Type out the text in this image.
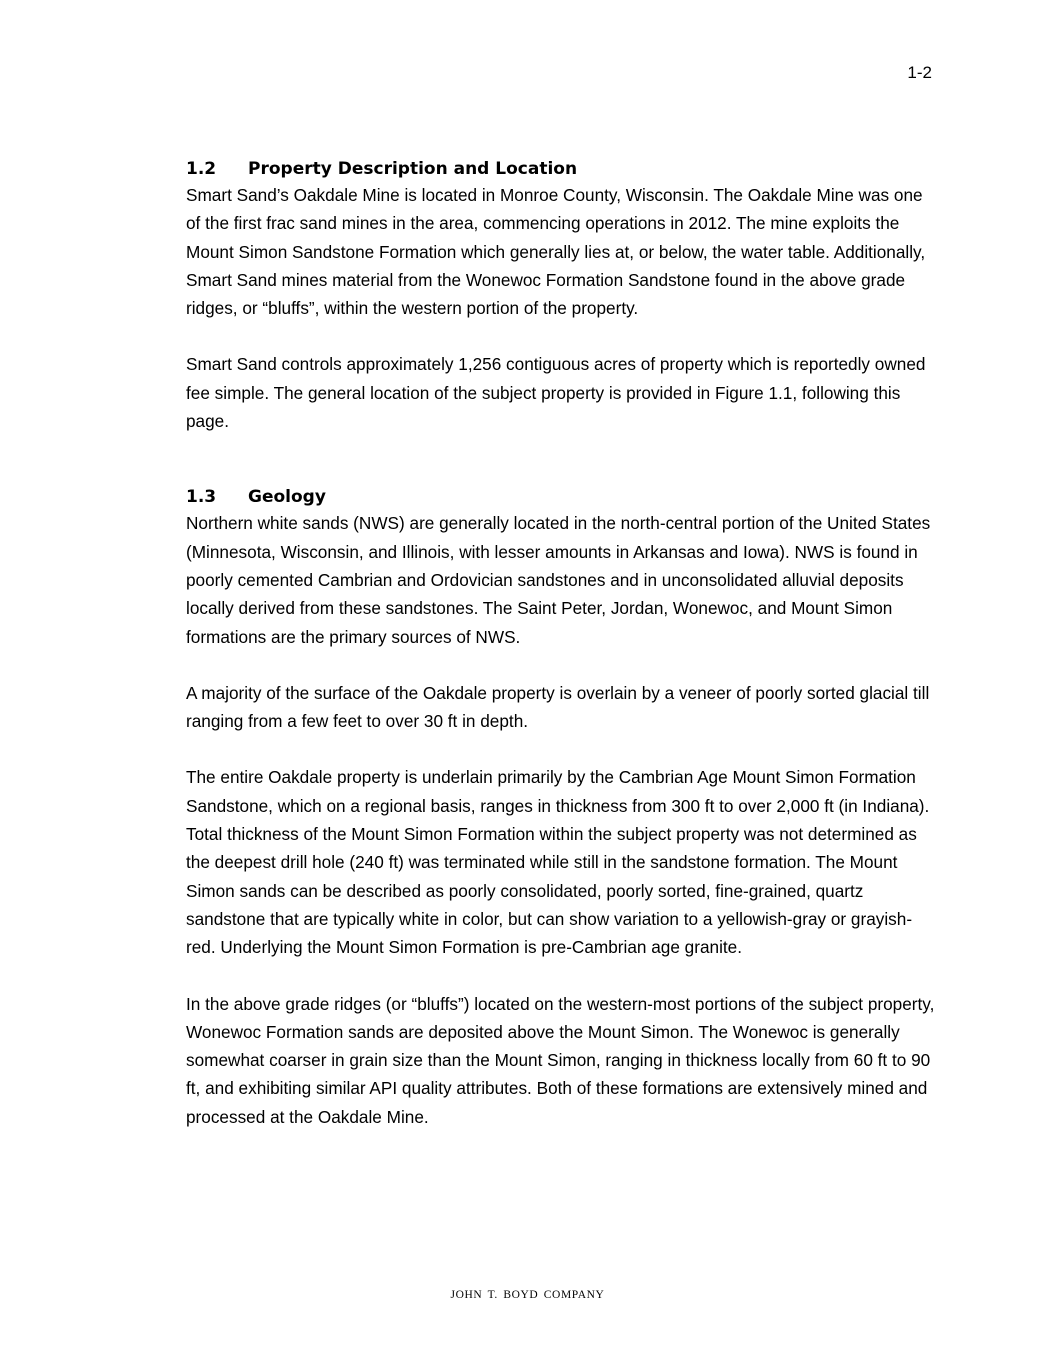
1-2
1.2 Property Description and Location

Smart Sand’s Oakdale Mine is located in Monroe County, Wisconsin. The Oakdale Mine was one of the first frac sand mines in the area, commencing operations in 2012. The mine exploits the Mount Simon Sandstone Formation which generally lies at, or below, the water table. Additionally, Smart Sand mines material from the Wonewoc Formation Sandstone found in the above grade ridges, or “bluffs”, within the western portion of the property.

Smart Sand controls approximately 1,256 contiguous acres of property which is reportedly owned fee simple. The general location of the subject property is provided in Figure 1.1, following this page.

1.3 Geology

Northern white sands (NWS) are generally located in the north-central portion of the United States (Minnesota, Wisconsin, and Illinois, with lesser amounts in Arkansas and Iowa). NWS is found in poorly cemented Cambrian and Ordovician sandstones and in unconsolidated alluvial deposits locally derived from these sandstones. The Saint Peter, Jordan, Wonewoc, and Mount Simon formations are the primary sources of NWS.

A majority of the surface of the Oakdale property is overlain by a veneer of poorly sorted glacial till ranging from a few feet to over 30 ft in depth.

The entire Oakdale property is underlain primarily by the Cambrian Age Mount Simon Formation Sandstone, which on a regional basis, ranges in thickness from 300 ft to over 2,000 ft (in Indiana). Total thickness of the Mount Simon Formation within the subject property was not determined as the deepest drill hole (240 ft) was terminated while still in the sandstone formation. The Mount Simon sands can be described as poorly consolidated, poorly sorted, fine-grained, quartz sandstone that are typically white in color, but can show variation to a yellowish-gray or grayish-red. Underlying the Mount Simon Formation is pre-Cambrian age granite.

In the above grade ridges (or “bluffs”) located on the western-most portions of the subject property, Wonewoc Formation sands are deposited above the Mount Simon. The Wonewoc is generally somewhat coarser in grain size than the Mount Simon, ranging in thickness locally from 60 ft to 90 ft, and exhibiting similar API quality attributes. Both of these formations are extensively mined and processed at the Oakdale Mine.

JOHN T. BOYD COMPANY
